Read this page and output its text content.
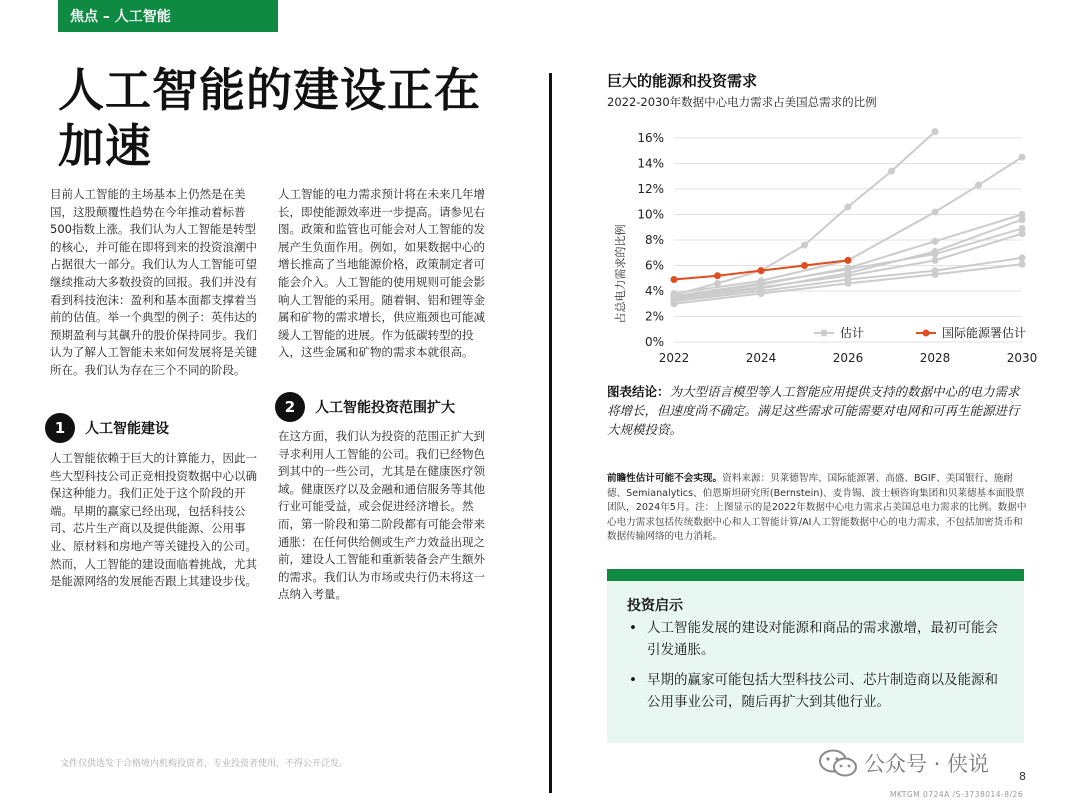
焦点 – 人工智能
人工智能的建设正在加速

目前人工智能的主场基本上仍然是在美国，这股颠覆性趋势在今年推动着标普500指数上涨。我们认为人工智能是转型的核心，并可能在即将到来的投资浪潮中占据很大一部分。我们认为人工智能可望继续推动大多数投资的回报。我们并没有看到科技泡沫：盈利和基本面都支撑着当前的估值。举一个典型的例子：英伟达的预期盈利与其飙升的股价保持同步。我们认为了解人工智能未来如何发展将是关键所在。我们认为存在三个不同的阶段。

人工智能的电力需求预计将在未来几年增长，即使能源效率进一步提高。请参见右图。政策和监管也可能会对人工智能的发展产生负面作用。例如，如果数据中心的增长推高了当地能源价格，政策制定者可能会介入。人工智能的使用规则可能会影响人工智能的采用。随着铜、铝和锂等金属和矿物的需求增长，供应瓶颈也可能减缓人工智能的进展。作为低碳转型的投入，这些金属和矿物的需求本就很高。

1	人工智能建设

人工智能依赖于巨大的计算能力，因此一些大型科技公司正竞相投资数据中心以确保这种能力。我们正处于这个阶段的开端。早期的赢家已经出现，包括科技公司、芯片生产商以及提供能源、公用事业、原材料和房地产等关键投入的公司。然而，人工智能的建设面临着挑战，尤其是能源网络的发展能否跟上其建设步伐。

2	人工智能投资范围扩大

在这方面，我们认为投资的范围正扩大到寻求利用人工智能的公司。我们已经物色到其中的一些公司，尤其是在健康医疗领域。健康医疗以及金融和通信服务等其他行业可能受益，或会促进经济增长。然而，第一阶段和第二阶段都有可能会带来通胀：在任何供给侧或生产力效益出现之前，建设人工智能和重新装备会产生额外的需求。我们认为市场或央行仍未将这一点纳入考量。

巨大的能源和投资需求
2022-2030年数据中心电力需求占美国总需求的比例
0%
2%
4%
6%
8%
10%
12%
14%
16%
2022	2024	2026	2028	2030
占总电力需求的比例
估计	国际能源署估计
图表结论：为大型语言模型等人工智能应用提供支持的数据中心的电力需求将增长，但速度尚不确定。满足这些需求可能需要对电网和可再生能源进行大规模投资。
前瞻性估计可能不会实现。资料来源：贝莱德智库、国际能源署、高盛、BGIF、美国银行、施耐德、Semianalytics、伯恩斯坦研究所(Bernstein)、麦肯锡、波士顿咨询集团和贝莱德基本面股票团队，2024年5月。注：上图显示的是2022年数据中心电力需求占美国总电力需求的比例。数据中心电力需求包括传统数据中心和人工智能计算/AI人工智能数据中心的电力需求，不包括加密货币和数据传输网络的电力消耗。
投资启示
• 人工智能发展的建设对能源和商品的需求激增，最初可能会引发通胀。
• 早期的赢家可能包括大型科技公司、芯片制造商以及能源和公用事业公司，随后再扩大到其他行业。
文件仅供选发于合格境内机构投资者，专业投资者使用，不得公开泛发。	公众号 · 侠说
8
MKTGM 0724A /S-3738014-8/26
